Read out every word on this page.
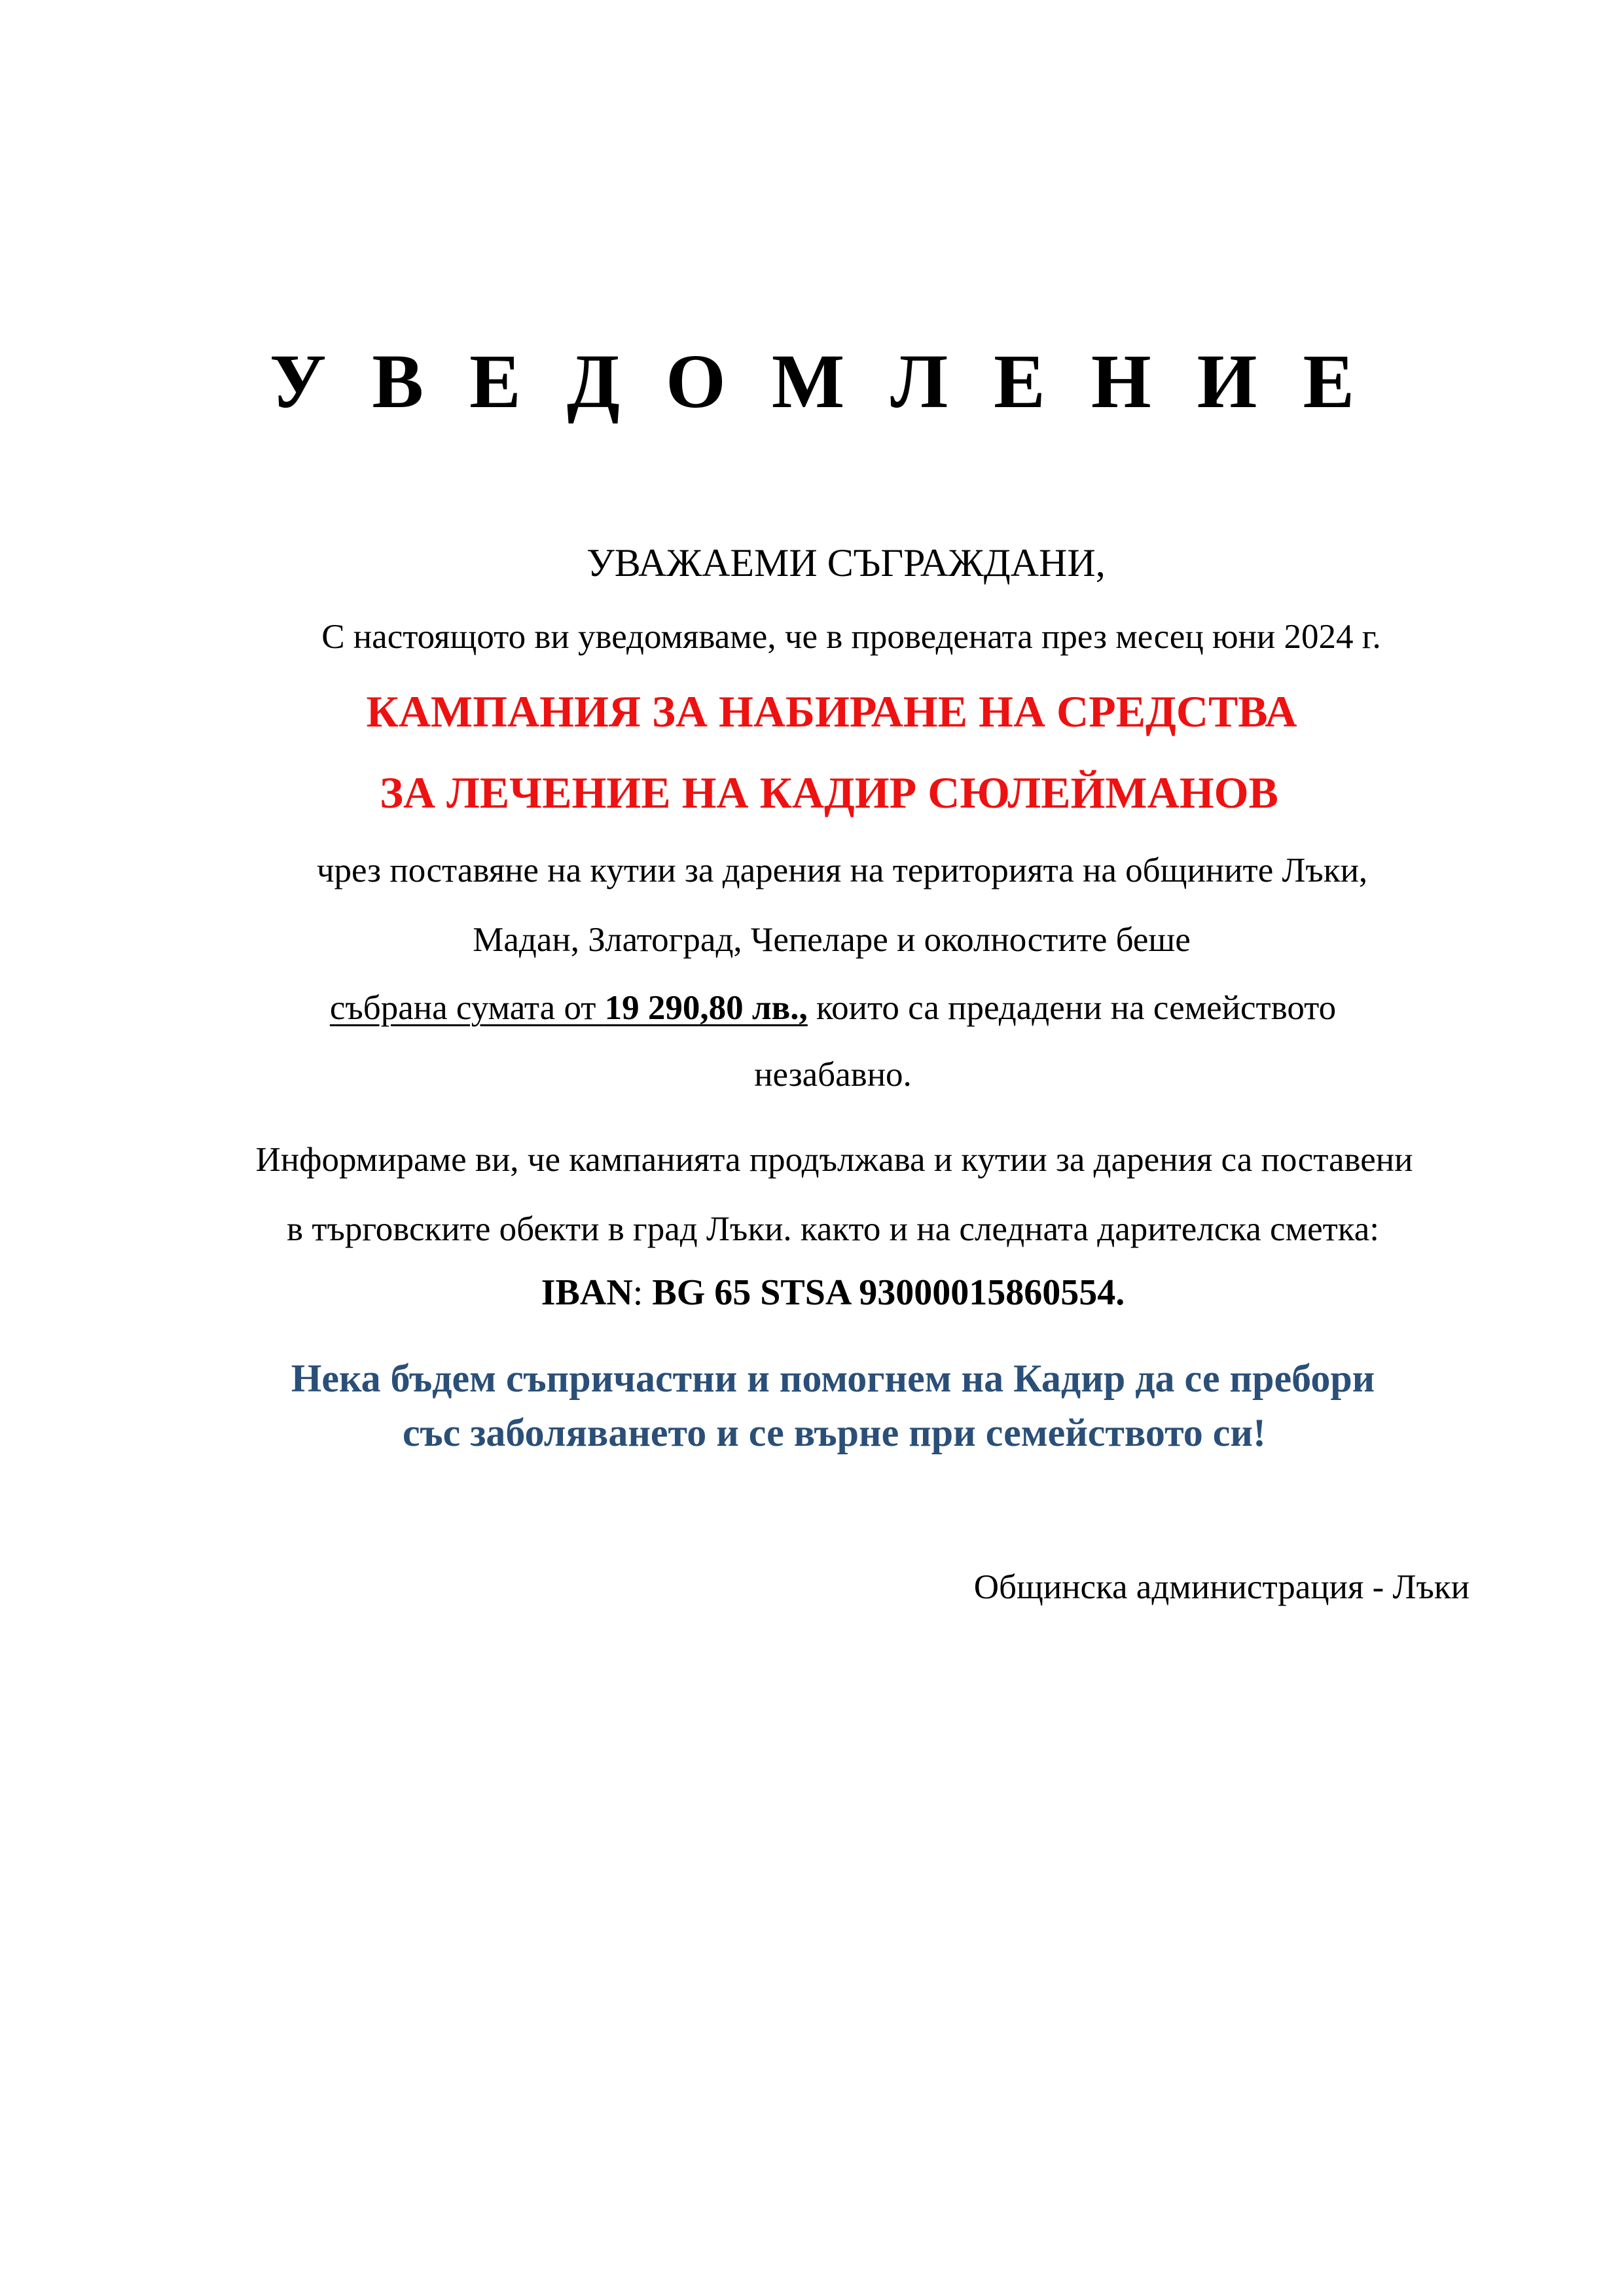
У В Е Д О М Л Е Н И Е
УВАЖАЕМИ СЪГРАЖДАНИ,
С настоящото ви уведомяваме, че в проведената през месец юни 2024 г.
КАМПАНИЯ ЗА НАБИРАНЕ НА СРЕДСТВА
ЗА ЛЕЧЕНИЕ НА КАДИР СЮЛЕЙМАНОВ
чрез поставяне на кутии за дарения на територията на общините Лъки,
Мадан, Златоград, Чепеларе и околностите беше
събрана сумата от 19 290,80 лв., които са предадени на семейството
незабавно.
Информираме ви, че кампанията продължава и кутии за дарения са поставени
в търговските обекти в град Лъки. както и на следната дарителска сметка:
IBAN: BG 65 STSA 93000015860554.
Нека бъдем съпричастни и помогнем на Кадир да се пребори
със заболяването и се върне при семейството си!
Общинска администрация - Лъки
